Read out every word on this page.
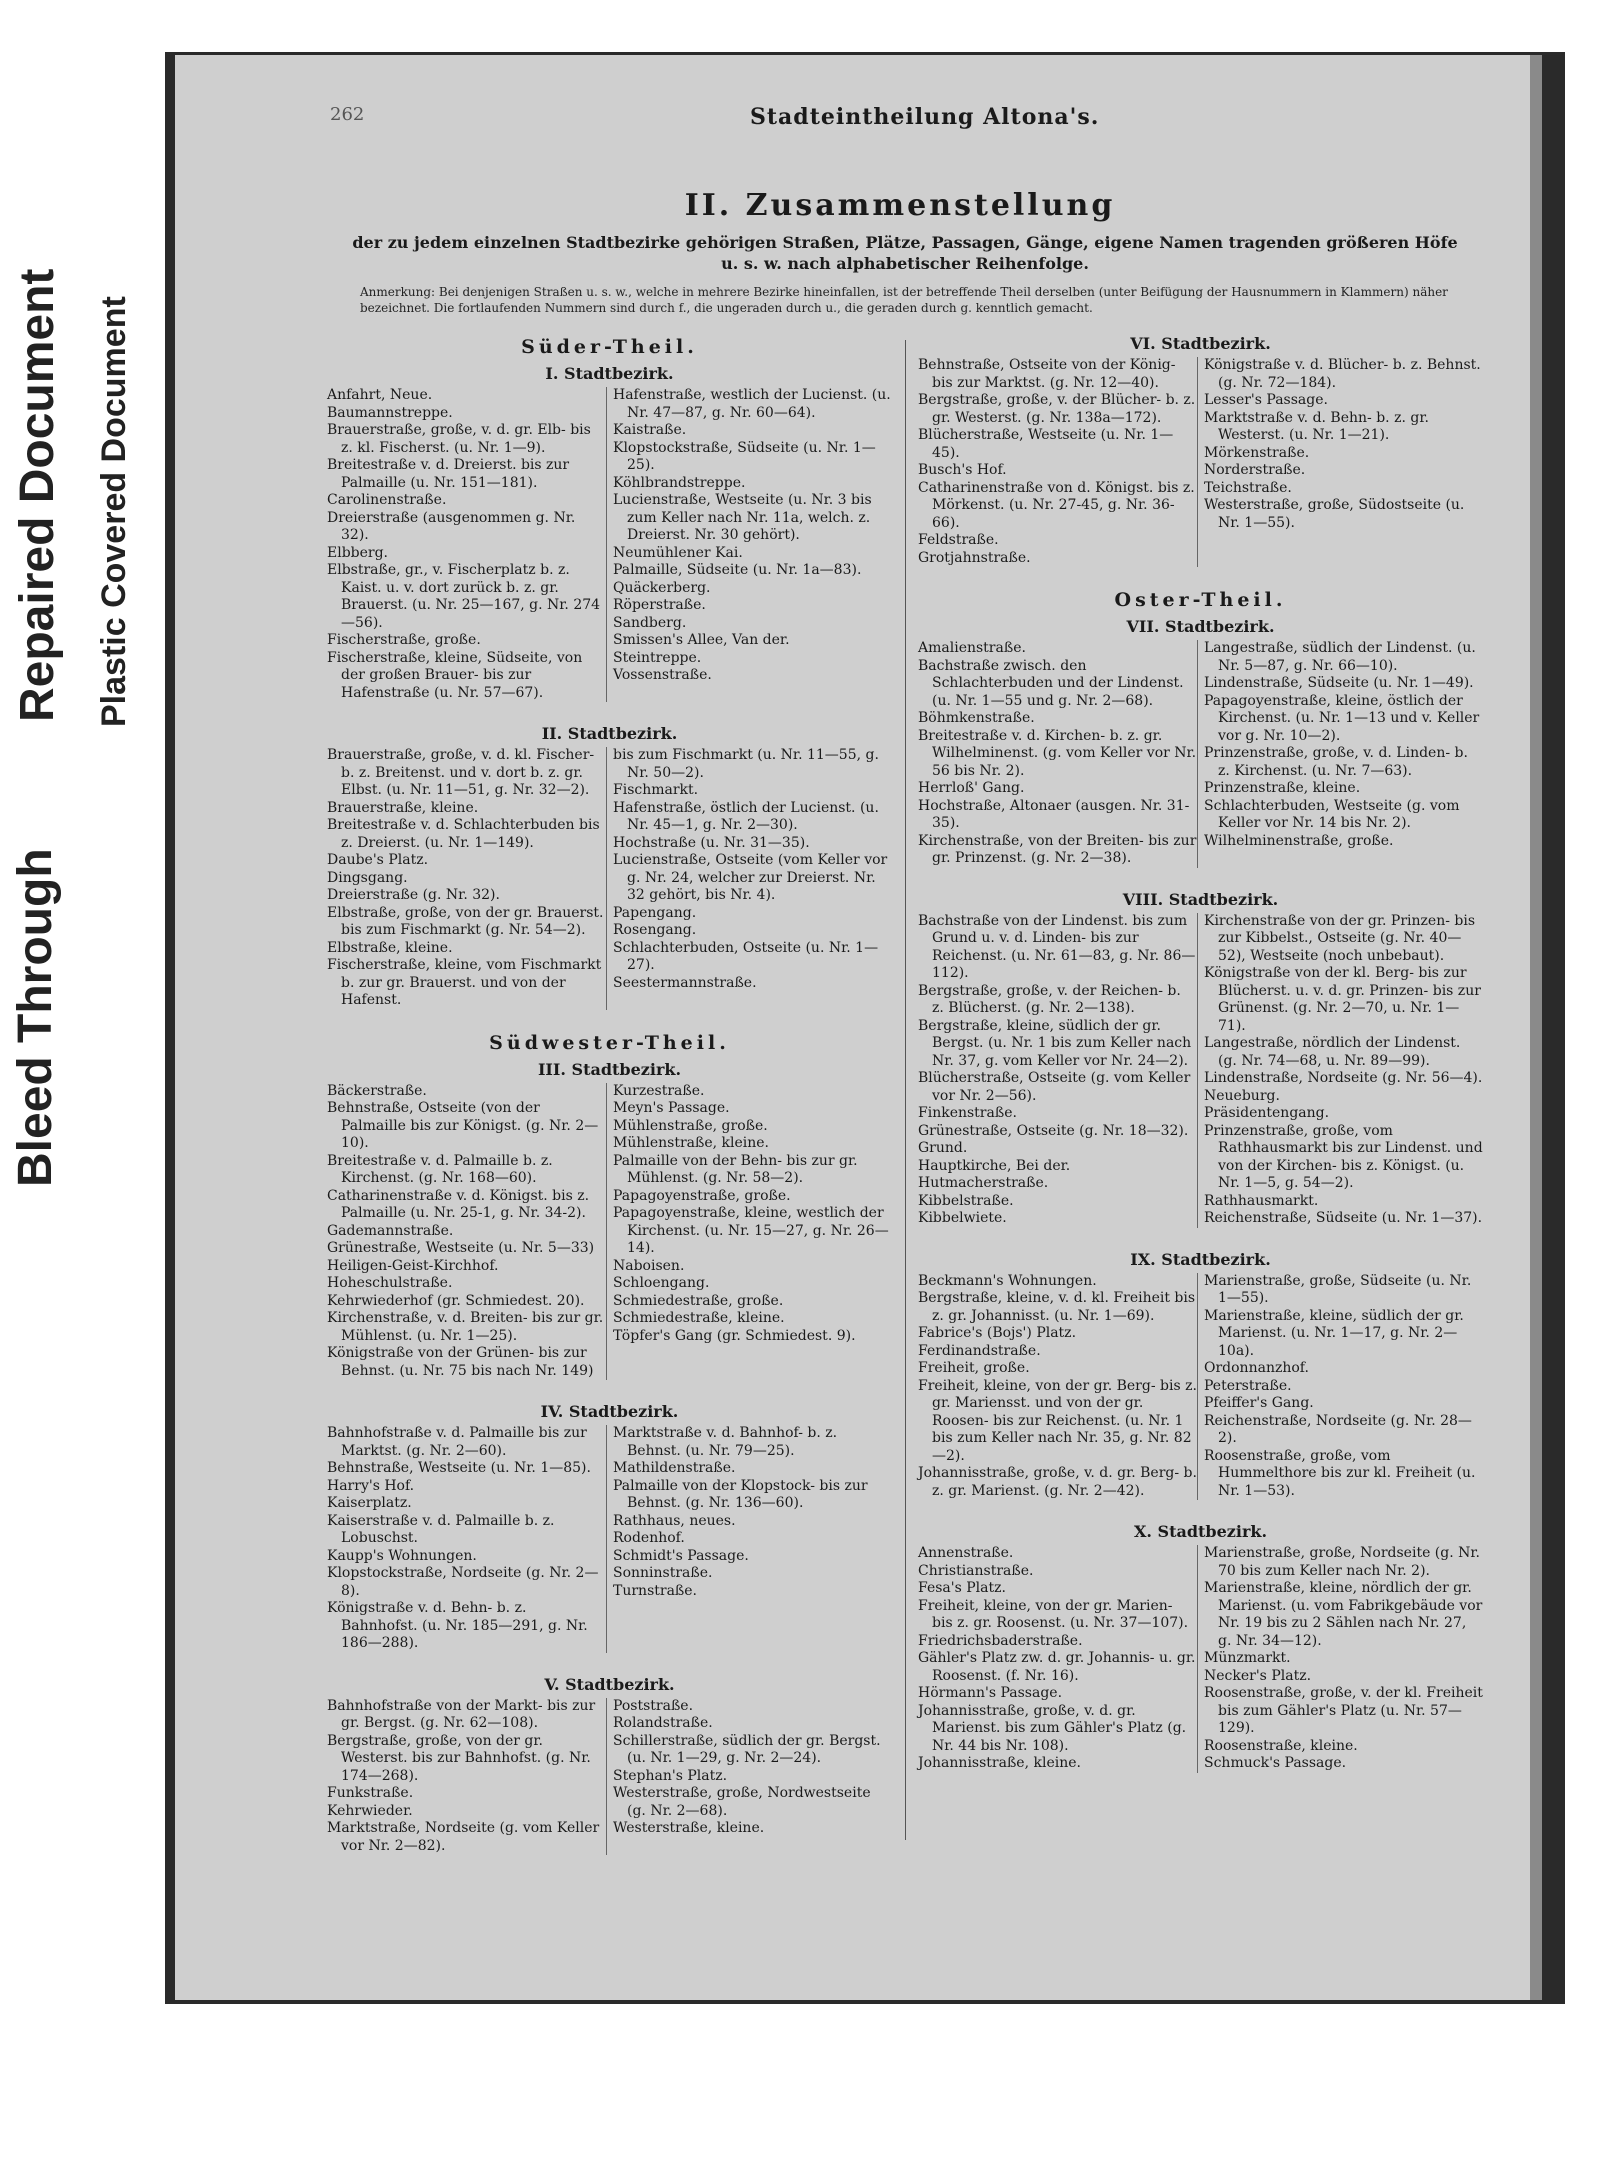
Bleed Through
Repaired Document Plastic Covered Document
262	Stadteintheilung Altona's.
II. Zusammenstellung
der zu jedem einzelnen Stadtbezirke gehörigen Straßen, Plätze, Passagen, Gänge, eigene Namen tragenden größeren Höfe u. s. w. nach alphabetischer Reihenfolge.
Anmerkung: Bei denjenigen Straßen u. s. w., welche in mehrere Bezirke hineinfallen, ist der betreffende Theil derselben (unter Beifügung der Hausnummern in Klammern) näher bezeichnet. Die fortlaufenden Nummern sind durch f., die ungeraden durch u., die geraden durch g. kenntlich gemacht.
Süder-Theil.
I. Stadtbezirk.
Anfahrt, Neue.
Baumannstreppe.
Brauerstraße, große, v. d. gr. Elb- bis z. kl. Fischerst. (u. Nr. 1—9).
Breitestraße v. d. Dreierst. bis zur Palmaille (u. Nr. 151—181).
Carolinenstraße.
Dreierstraße (ausgenommen g. Nr. 32).
Elbberg.
Elbstraße, gr., v. Fischerplatz b. z. Kaist. u. v. dort zurück b. z. gr. Brauerst. (u. Nr. 25—167, g. Nr. 274—56).
Fischerstraße, große.
Fischerstraße, kleine, Südseite, von der großen Brauer- bis zur Hafenstraße (u. Nr. 57—67).
Hafenstraße, westlich der Lucienst. (u. Nr. 47—87, g. Nr. 60—64).
Kaistraße.
Klopstockstraße, Südseite (u. Nr. 1—25).
Köhlbrandstreppe.
Lucienstraße, Westseite (u. Nr. 3 bis zum Keller nach Nr. 11a, welch. z. Dreierst. Nr. 30 gehört).
Neumühlener Kai.
Palmaille, Südseite (u. Nr. 1a—83).
Quäckerberg.
Röperstraße.
Sandberg.
Smissen's Allee, Van der.
Steintreppe.
Vossenstraße.
II. Stadtbezirk.
Brauerstraße, große, v. d. kl. Fischer- b. z. Breitenst. und v. dort b. z. gr. Elbst. (u. Nr. 11—51, g. Nr. 32—2).
Brauerstraße, kleine.
Breitestraße v. d. Schlachterbuden bis z. Dreierst. (u. Nr. 1—149).
Daube's Platz.
Dingsgang.
Dreierstraße (g. Nr. 32).
Elbstraße, große, von der gr. Brauerst. bis zum Fischmarkt (g. Nr. 54—2).
Elbstraße, kleine.
Fischerstraße, kleine, vom Fischmarkt b. zur gr. Brauerst. und von der Hafenst.
bis zum Fischmarkt (u. Nr. 11—55, g. Nr. 50—2).
Fischmarkt.
Hafenstraße, östlich der Lucienst. (u. Nr. 45—1, g. Nr. 2—30).
Hochstraße (u. Nr. 31—35).
Lucienstraße, Ostseite (vom Keller vor g. Nr. 24, welcher zur Dreierst. Nr. 32 gehört, bis Nr. 4).
Papengang.
Rosengang.
Schlachterbuden, Ostseite (u. Nr. 1—27).
Seestermannstraße.
Südwester-Theil.
III. Stadtbezirk.
Bäckerstraße.
Behnstraße, Ostseite (von der Palmaille bis zur Königst. (g. Nr. 2—10).
Breitestraße v. d. Palmaille b. z. Kirchenst. (g. Nr. 168—60).
Catharinenstraße v. d. Königst. bis z. Palmaille (u. Nr. 25-1, g. Nr. 34-2).
Gademannstraße.
Grünestraße, Westseite (u. Nr. 5—33)
Heiligen-Geist-Kirchhof.
Hoheschulstraße.
Kehrwiederhof (gr. Schmiedest. 20).
Kirchenstraße, v. d. Breiten- bis zur gr. Mühlenst. (u. Nr. 1—25).
Königstraße von der Grünen- bis zur Behnst. (u. Nr. 75 bis nach Nr. 149)
Kurzestraße.
Meyn's Passage.
Mühlenstraße, große.
Mühlenstraße, kleine.
Palmaille von der Behn- bis zur gr. Mühlenst. (g. Nr. 58—2).
Papagoyenstraße, große.
Papagoyenstraße, kleine, westlich der Kirchenst. (u. Nr. 15—27, g. Nr. 26—14).
Naboisen.
Schloengang.
Schmiedestraße, große.
Schmiedestraße, kleine.
Töpfer's Gang (gr. Schmiedest. 9).
IV. Stadtbezirk.
Bahnhofstraße v. d. Palmaille bis zur Marktst. (g. Nr. 2—60).
Behnstraße, Westseite (u. Nr. 1—85).
Harry's Hof.
Kaiserplatz.
Kaiserstraße v. d. Palmaille b. z. Lobuschst.
Kaupp's Wohnungen.
Klopstockstraße, Nordseite (g. Nr. 2—8).
Königstraße v. d. Behn- b. z. Bahnhofst. (u. Nr. 185—291, g. Nr. 186—288).
Marktstraße v. d. Bahnhof- b. z. Behnst. (u. Nr. 79—25).
Mathildenstraße.
Palmaille von der Klopstock- bis zur Behnst. (g. Nr. 136—60).
Rathhaus, neues.
Rodenhof.
Schmidt's Passage.
Sonninstraße.
Turnstraße.
V. Stadtbezirk.
Bahnhofstraße von der Markt- bis zur gr. Bergst. (g. Nr. 62—108).
Bergstraße, große, von der gr. Westerst. bis zur Bahnhofst. (g. Nr. 174—268).
Funkstraße.
Kehrwieder.
Marktstraße, Nordseite (g. vom Keller vor Nr. 2—82).
Poststraße.
Rolandstraße.
Schillerstraße, südlich der gr. Bergst. (u. Nr. 1—29, g. Nr. 2—24).
Stephan's Platz.
Westerstraße, große, Nordwestseite (g. Nr. 2—68).
Westerstraße, kleine.
VI. Stadtbezirk.
Behnstraße, Ostseite von der König- bis zur Marktst. (g. Nr. 12—40).
Bergstraße, große, v. der Blücher- b. z. gr. Westerst. (g. Nr. 138a—172).
Blücherstraße, Westseite (u. Nr. 1—45).
Busch's Hof.
Catharinenstraße von d. Königst. bis z. Mörkenst. (u. Nr. 27-45, g. Nr. 36-66).
Feldstraße.
Grotjahnstraße.
Königstraße v. d. Blücher- b. z. Behnst. (g. Nr. 72—184).
Lesser's Passage.
Marktstraße v. d. Behn- b. z. gr. Westerst. (u. Nr. 1—21).
Mörkenstraße.
Norderstraße.
Teichstraße.
Westerstraße, große, Südostseite (u. Nr. 1—55).
Oster-Theil.
VII. Stadtbezirk.
Amalienstraße.
Bachstraße zwisch. den Schlachterbuden und der Lindenst. (u. Nr. 1—55 und g. Nr. 2—68).
Böhmkenstraße.
Breitestraße v. d. Kirchen- b. z. gr. Wilhelminenst. (g. vom Keller vor Nr. 56 bis Nr. 2).
Herrloß' Gang.
Hochstraße, Altonaer (ausgen. Nr. 31-35).
Kirchenstraße, von der Breiten- bis zur gr. Prinzenst. (g. Nr. 2—38).
Langestraße, südlich der Lindenst. (u. Nr. 5—87, g. Nr. 66—10).
Lindenstraße, Südseite (u. Nr. 1—49).
Papagoyenstraße, kleine, östlich der Kirchenst. (u. Nr. 1—13 und v. Keller vor g. Nr. 10—2).
Prinzenstraße, große, v. d. Linden- b. z. Kirchenst. (u. Nr. 7—63).
Prinzenstraße, kleine.
Schlachterbuden, Westseite (g. vom Keller vor Nr. 14 bis Nr. 2).
Wilhelminenstraße, große.
VIII. Stadtbezirk.
Bachstraße von der Lindenst. bis zum Grund u. v. d. Linden- bis zur Reichenst. (u. Nr. 61—83, g. Nr. 86—112).
Bergstraße, große, v. der Reichen- b. z. Blücherst. (g. Nr. 2—138).
Bergstraße, kleine, südlich der gr. Bergst. (u. Nr. 1 bis zum Keller nach Nr. 37, g. vom Keller vor Nr. 24—2).
Blücherstraße, Ostseite (g. vom Keller vor Nr. 2—56).
Finkenstraße.
Grünestraße, Ostseite (g. Nr. 18—32).
Grund.
Hauptkirche, Bei der.
Hutmacherstraße.
Kibbelstraße.
Kibbelwiete.
Kirchenstraße von der gr. Prinzen- bis zur Kibbelst., Ostseite (g. Nr. 40—52), Westseite (noch unbebaut).
Königstraße von der kl. Berg- bis zur Blücherst. u. v. d. gr. Prinzen- bis zur Grünenst. (g. Nr. 2—70, u. Nr. 1—71).
Langestraße, nördlich der Lindenst. (g. Nr. 74—68, u. Nr. 89—99).
Lindenstraße, Nordseite (g. Nr. 56—4).
Neueburg.
Präsidentengang.
Prinzenstraße, große, vom Rathhausmarkt bis zur Lindenst. und von der Kirchen- bis z. Königst. (u. Nr. 1—5, g. 54—2).
Rathhausmarkt.
Reichenstraße, Südseite (u. Nr. 1—37).
IX. Stadtbezirk.
Beckmann's Wohnungen.
Bergstraße, kleine, v. d. kl. Freiheit bis z. gr. Johannisst. (u. Nr. 1—69).
Fabrice's (Bojs') Platz.
Ferdinandstraße.
Freiheit, große.
Freiheit, kleine, von der gr. Berg- bis z. gr. Mariensst. und von der gr. Roosen- bis zur Reichenst. (u. Nr. 1 bis zum Keller nach Nr. 35, g. Nr. 82—2).
Johannisstraße, große, v. d. gr. Berg- b. z. gr. Marienst. (g. Nr. 2—42).
Marienstraße, große, Südseite (u. Nr. 1—55).
Marienstraße, kleine, südlich der gr. Marienst. (u. Nr. 1—17, g. Nr. 2—10a).
Ordonnanzhof.
Peterstraße.
Pfeiffer's Gang.
Reichenstraße, Nordseite (g. Nr. 28—2).
Roosenstraße, große, vom Hummelthore bis zur kl. Freiheit (u. Nr. 1—53).
X. Stadtbezirk.
Annenstraße.
Christianstraße.
Fesa's Platz.
Freiheit, kleine, von der gr. Marien- bis z. gr. Roosenst. (u. Nr. 37—107).
Friedrichsbaderstraße.
Gähler's Platz zw. d. gr. Johannis- u. gr. Roosenst. (f. Nr. 16).
Hörmann's Passage.
Johannisstraße, große, v. d. gr. Marienst. bis zum Gähler's Platz (g. Nr. 44 bis Nr. 108).
Johannisstraße, kleine.
Marienstraße, große, Nordseite (g. Nr. 70 bis zum Keller nach Nr. 2).
Marienstraße, kleine, nördlich der gr. Marienst. (u. vom Fabrikgebäude vor Nr. 19 bis zu 2 Sählen nach Nr. 27, g. Nr. 34—12).
Münzmarkt.
Necker's Platz.
Roosenstraße, große, v. der kl. Freiheit bis zum Gähler's Platz (u. Nr. 57—129).
Roosenstraße, kleine.
Schmuck's Passage.
